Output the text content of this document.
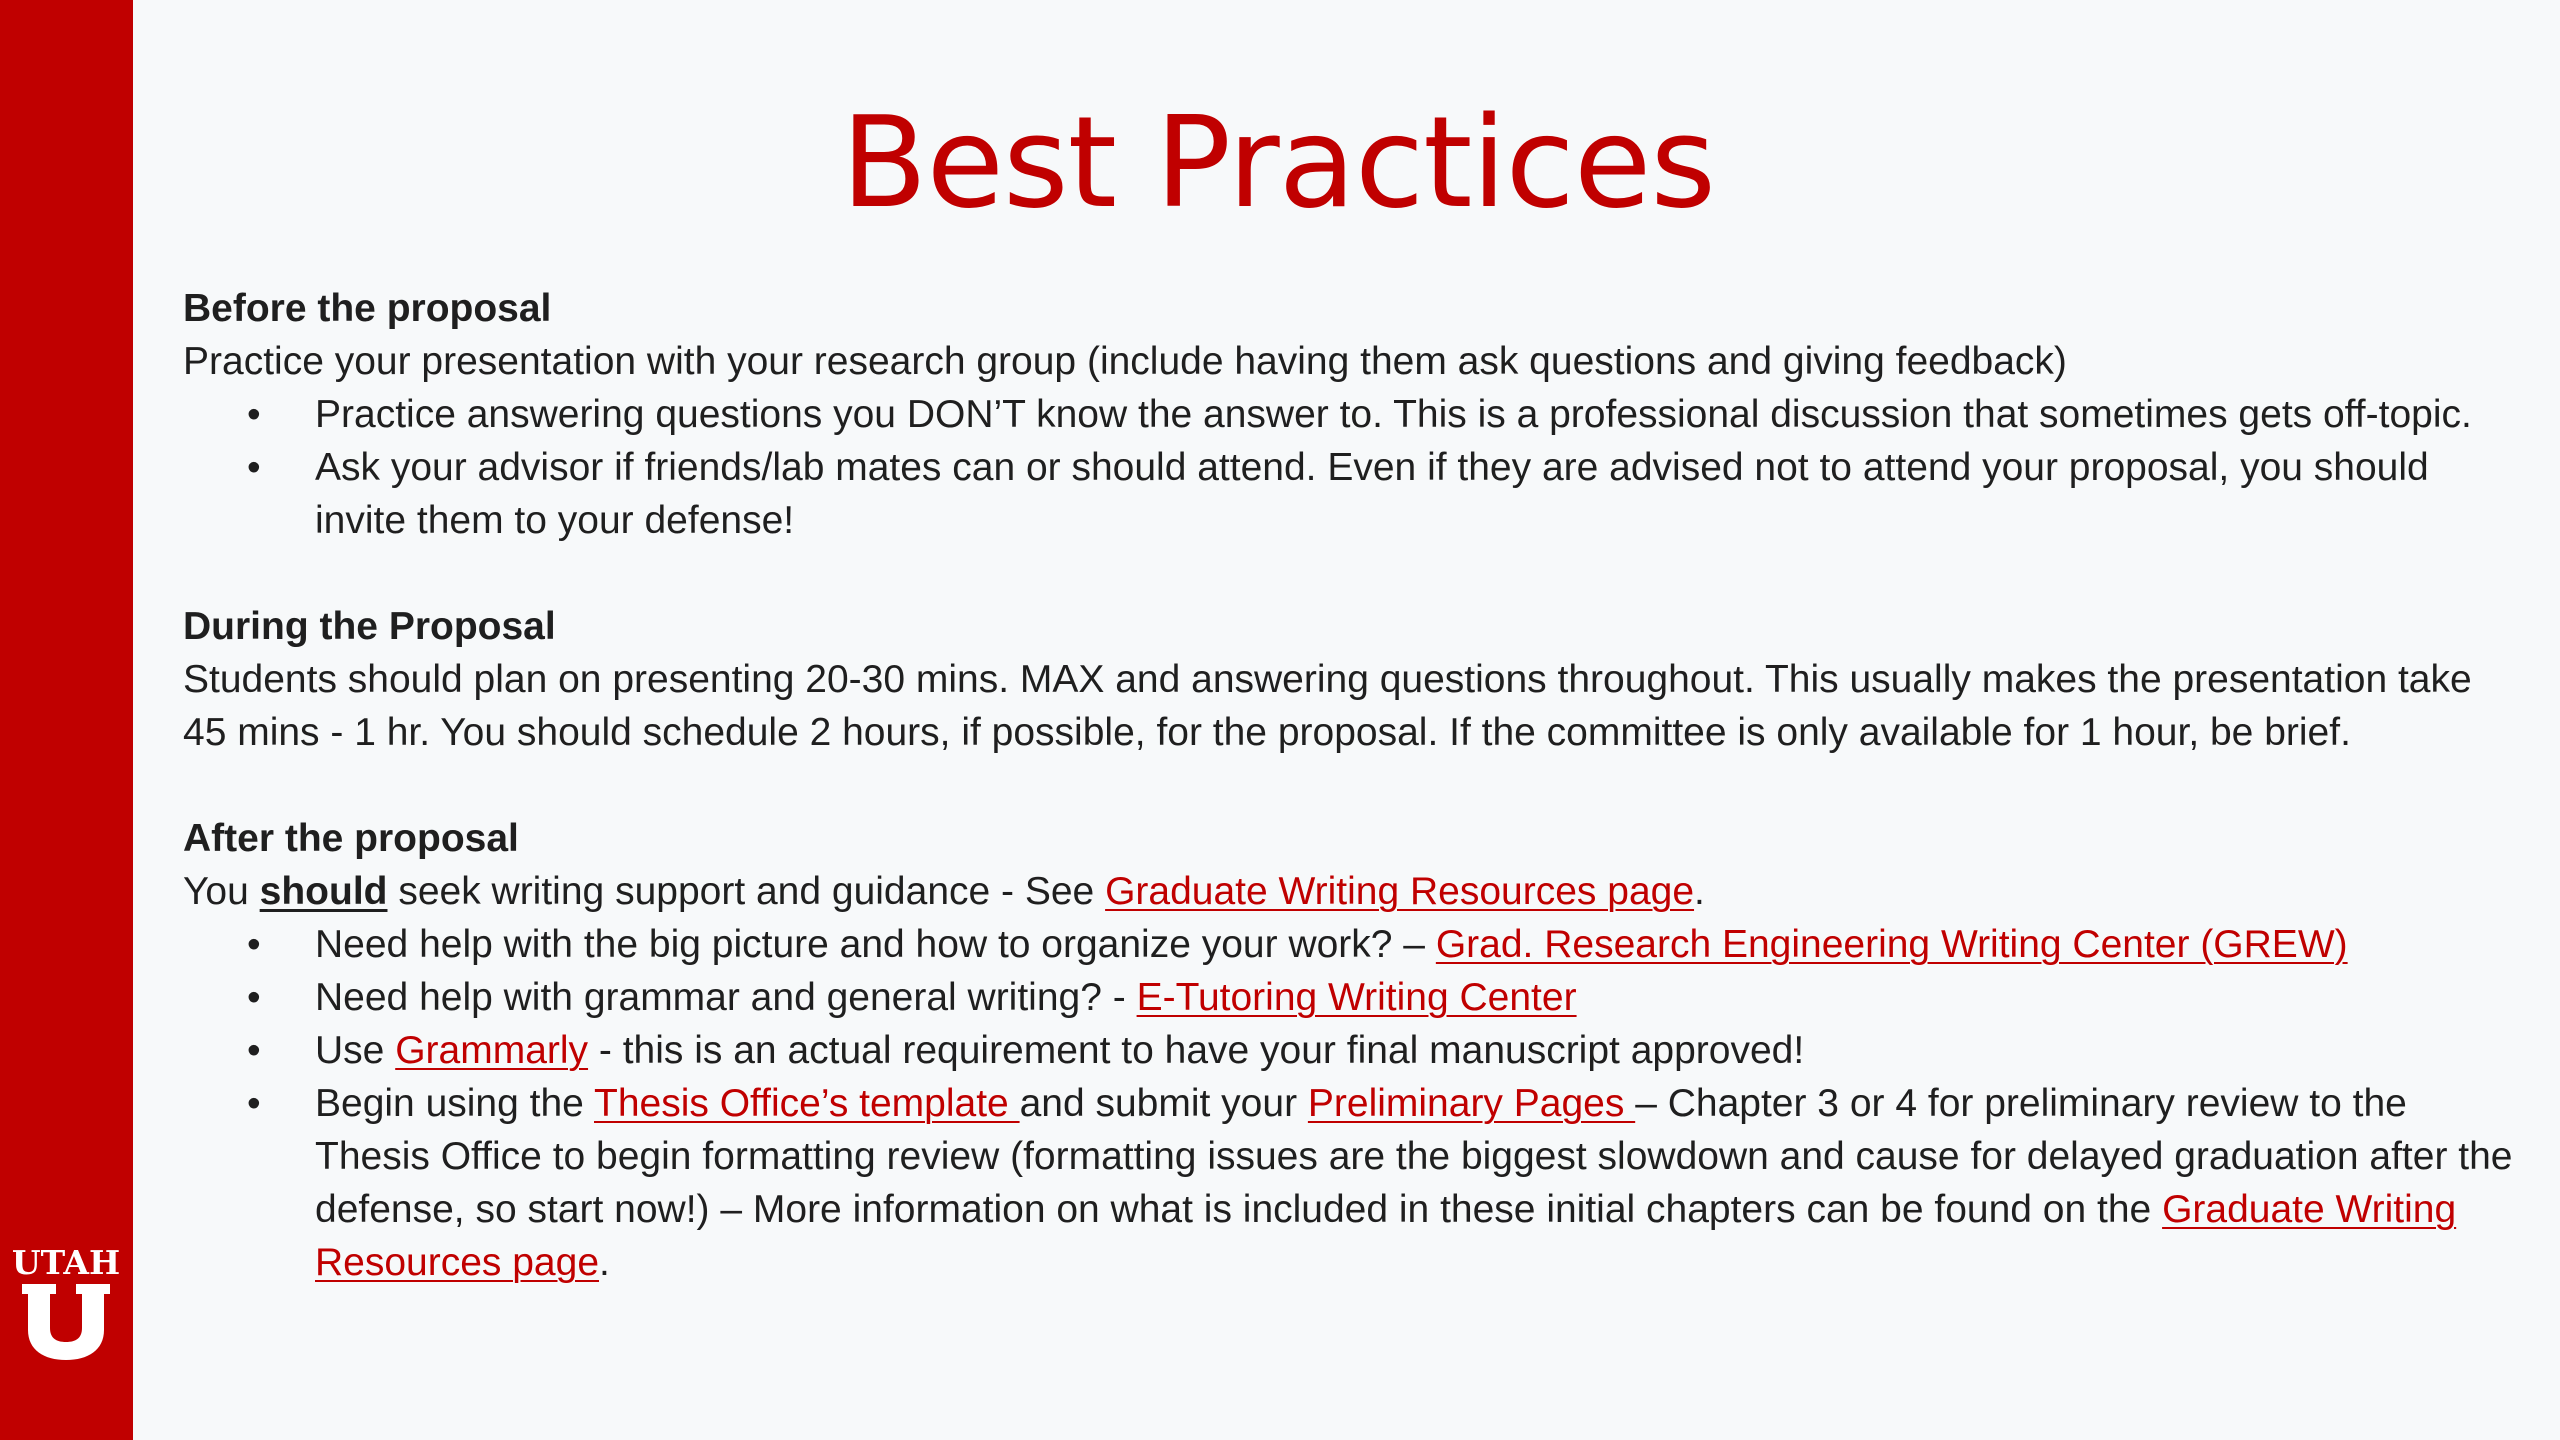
UTAH
Best Practices

Before the proposal

Practice your presentation with your research group (include having them ask questions and giving feedback)

• Practice answering questions you DON’T know the answer to. This is a professional discussion that sometimes gets off-topic.
• Ask your advisor if friends/lab mates can or should attend. Even if they are advised not to attend your proposal, you should invite them to your defense!

During the Proposal

Students should plan on presenting 20-30 mins. MAX and answering questions throughout. This usually makes the presentation take 45 mins - 1 hr. You should schedule 2 hours, if possible, for the proposal. If the committee is only available for 1 hour, be brief.

After the proposal

You should seek writing support and guidance - See Graduate Writing Resources page.

• Need help with the big picture and how to organize your work? – Grad. Research Engineering Writing Center (GREW)
• Need help with grammar and general writing? - E-Tutoring Writing Center
• Use Grammarly - this is an actual requirement to have your final manuscript approved!
• Begin using the Thesis Office’s template and submit your Preliminary Pages – Chapter 3 or 4 for preliminary review to the Thesis Office to begin formatting review (formatting issues are the biggest slowdown and cause for delayed graduation after the defense, so start now!) – More information on what is included in these initial chapters can be found on the Graduate Writing Resources page.
